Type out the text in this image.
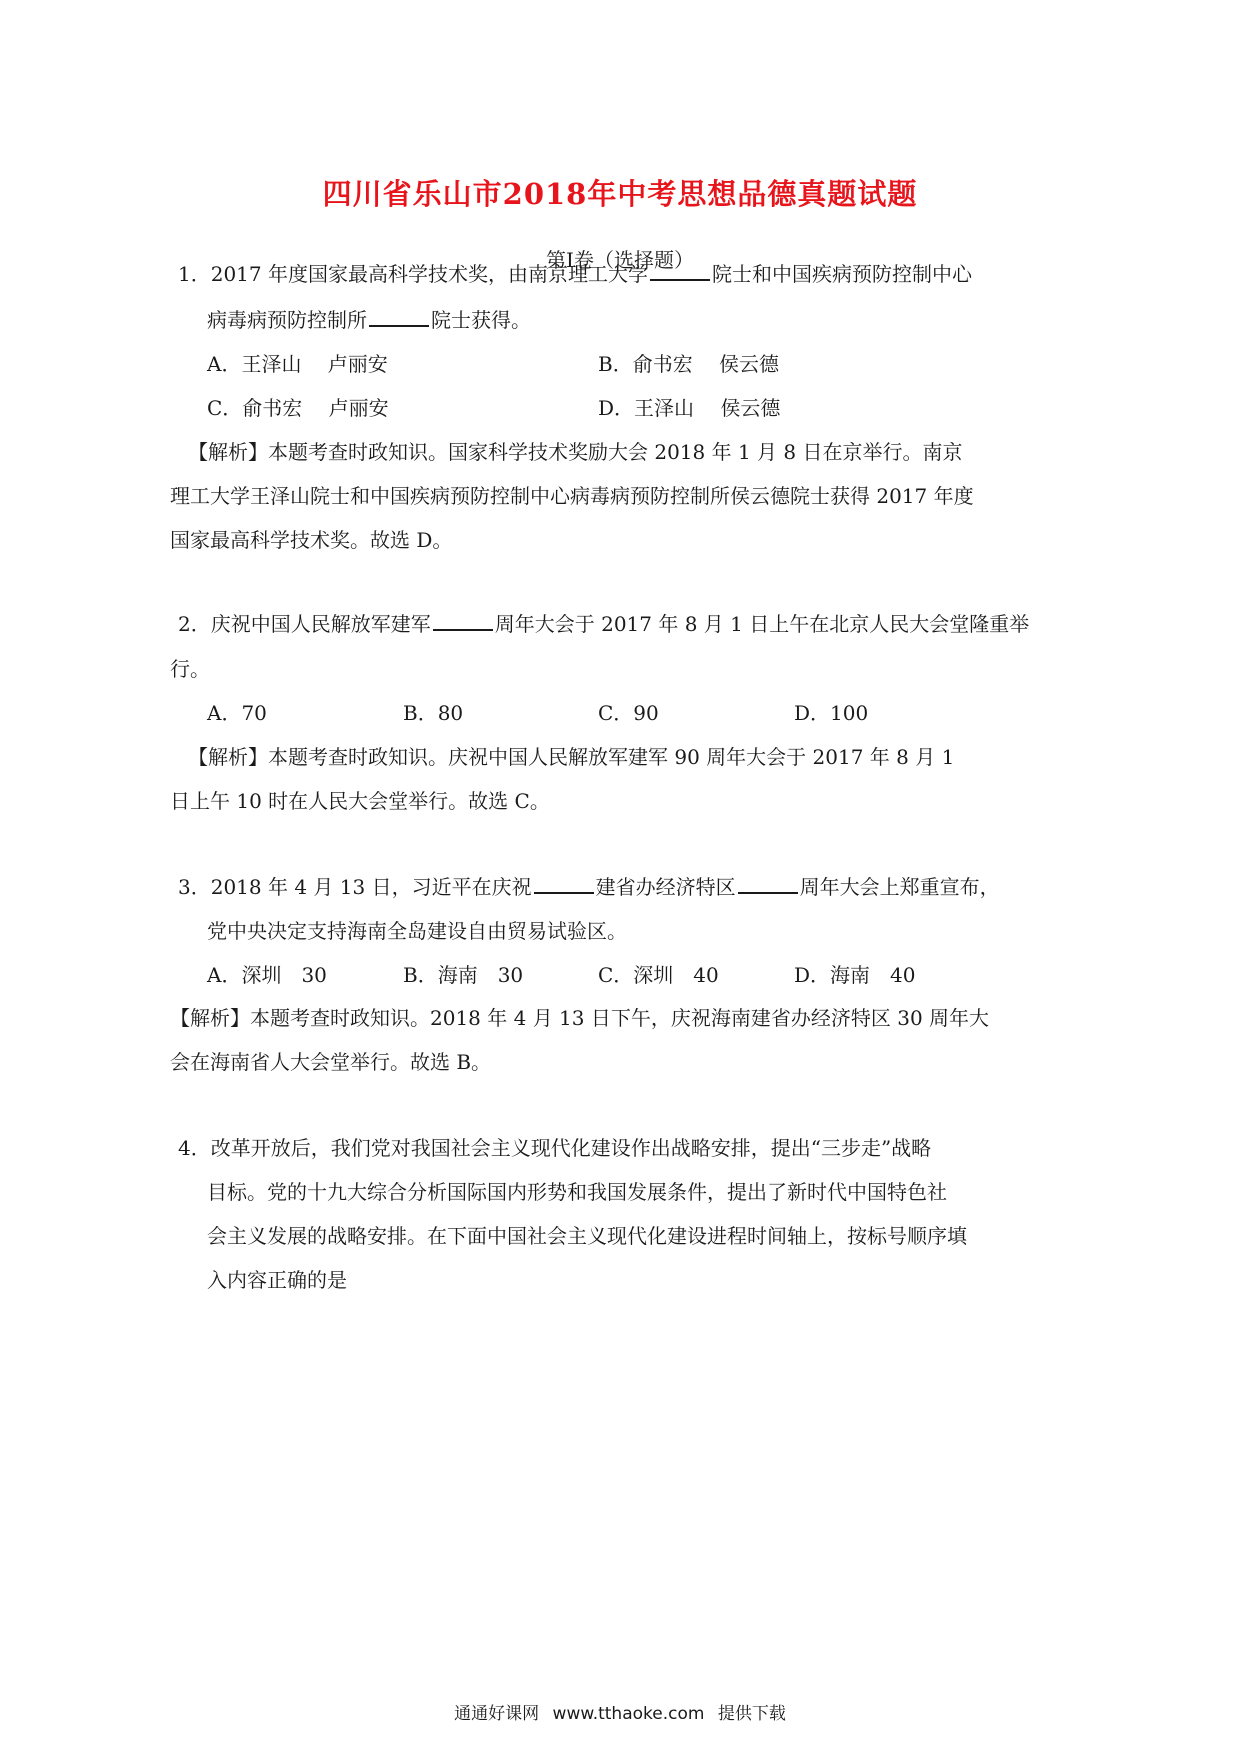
四川省乐山市2018年中考思想品德真题试题
第Ⅰ卷（选择题）
1．2017 年度国家最高科学技术奖，由南京理工大学	院士和中国疾病预防控制中心
病毒病预防控制所	院士获得。
A．王泽山　 卢丽安	B．俞书宏　 侯云德
C．俞书宏　 卢丽安	D．王泽山　 侯云德
【解析】本题考查时政知识。国家科学技术奖励大会 2018 年 1 月 8 日在京举行。南京
理工大学王泽山院士和中国疾病预防控制中心病毒病预防控制所侯云德院士获得 2017 年度
国家最高科学技术奖。故选 D。
2．庆祝中国人民解放军建军	周年大会于 2017 年 8 月 1 日上午在北京人民大会堂隆重举
行。
A．70	B．80	C．90	D．100
【解析】本题考查时政知识。庆祝中国人民解放军建军 90 周年大会于 2017 年 8 月 1
日上午 10 时在人民大会堂举行。故选 C。
3．2018 年 4 月 13 日，习近平在庆祝	建省办经济特区	周年大会上郑重宣布，
党中央决定支持海南全岛建设自由贸易试验区。
A．深圳　30	B．海南　30	C．深圳　40	D．海南　40
【解析】本题考查时政知识。2018 年 4 月 13 日下午，庆祝海南建省办经济特区 30 周年大
会在海南省人大会堂举行。故选 B。
4．改革开放后，我们党对我国社会主义现代化建设作出战略安排，提出“三步走”战略
目标。党的十九大综合分析国际国内形势和我国发展条件，提出了新时代中国特色社
会主义发展的战略安排。在下面中国社会主义现代化建设进程时间轴上，按标号顺序填
入内容正确的是
通通好课网 www.tthaoke.com 提供下载
